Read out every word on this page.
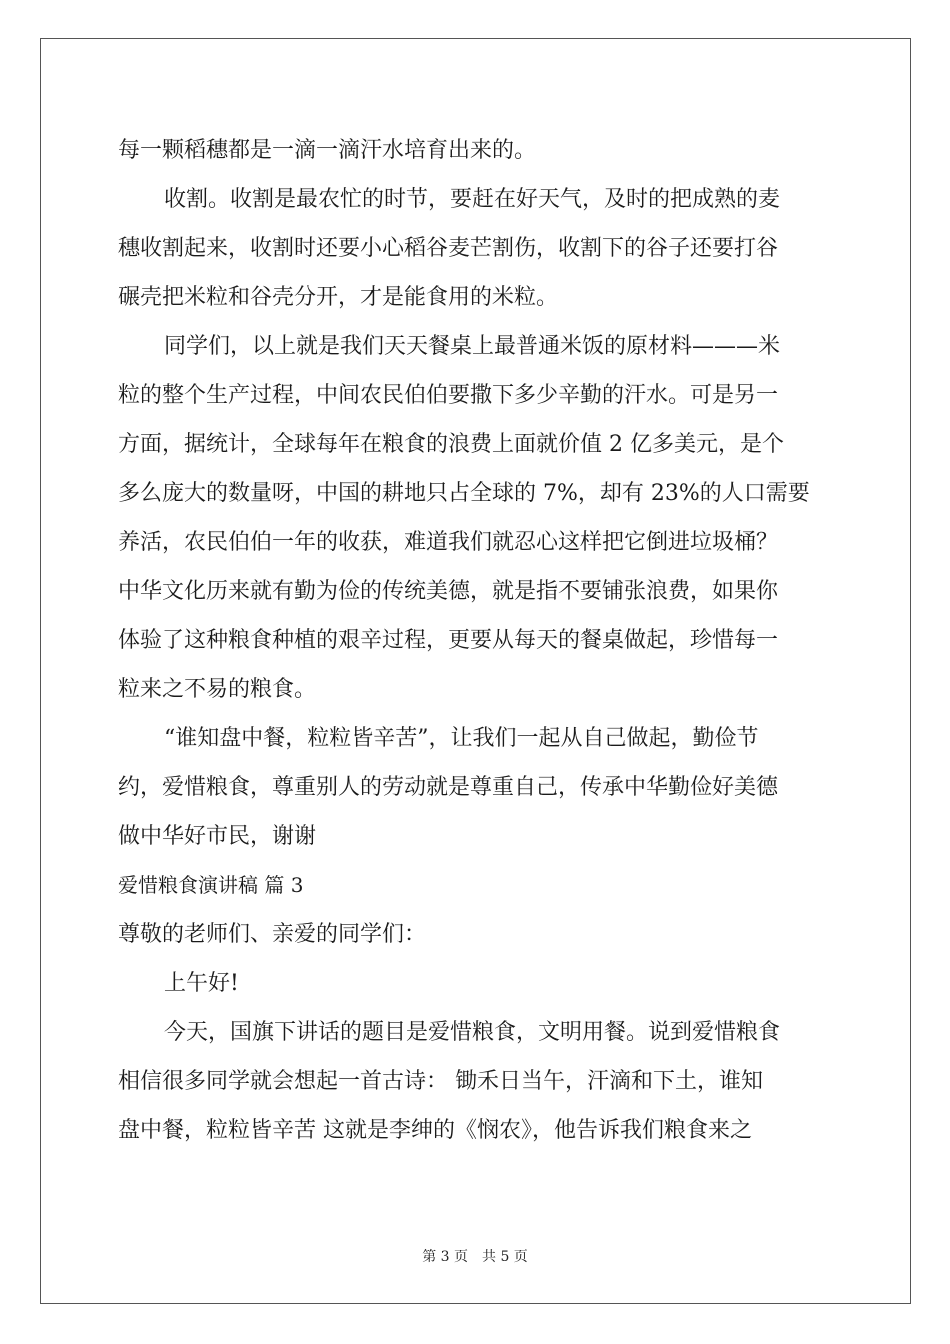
每一颗稻穗都是一滴一滴汗水培育出来的。
收割。收割是最农忙的时节，要赶在好天气，及时的把成熟的麦
穗收割起来，收割时还要小心稻谷麦芒割伤，收割下的谷子还要打谷
碾壳把米粒和谷壳分开，才是能食用的米粒。
同学们，以上就是我们天天餐桌上最普通米饭的原材料———米
粒的整个生产过程，中间农民伯伯要撒下多少辛勤的汗水。可是另一
方面，据统计，全球每年在粮食的浪费上面就价值 2 亿多美元，是个
多么庞大的数量呀，中国的耕地只占全球的 7%，却有 23%的人口需要
养活，农民伯伯一年的收获，难道我们就忍心这样把它倒进垃圾桶？
中华文化历来就有勤为俭的传统美德，就是指不要铺张浪费，如果你
体验了这种粮食种植的艰辛过程，更要从每天的餐桌做起，珍惜每一
粒来之不易的粮食。
“谁知盘中餐，粒粒皆辛苦”，让我们一起从自己做起，勤俭节
约，爱惜粮食，尊重别人的劳动就是尊重自己，传承中华勤俭好美德
做中华好市民，谢谢
爱惜粮食演讲稿 篇 3
尊敬的老师们、亲爱的同学们：
上午好!
今天，国旗下讲话的题目是爱惜粮食，文明用餐。说到爱惜粮食
相信很多同学就会想起一首古诗： 锄禾日当午，汗滴和下土，谁知
盘中餐，粒粒皆辛苦 这就是李绅的《悯农》，他告诉我们粮食来之
第 3 页　共 5 页
